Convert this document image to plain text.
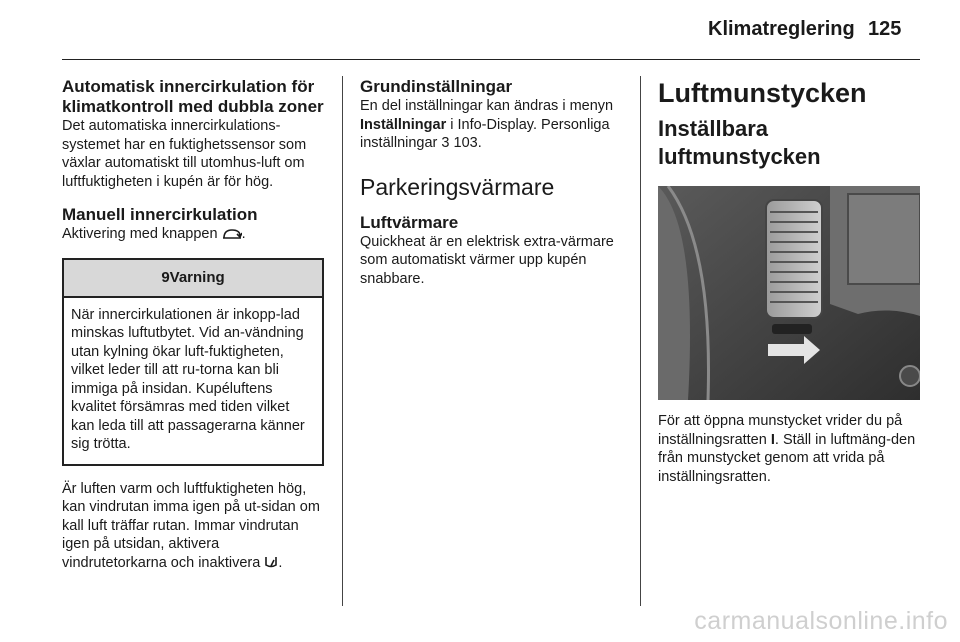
Klimatreglering 125
Automatisk innercirkulation för klimatkontroll med dubbla zoner

Det automatiska innercirkulations-systemet har en fuktighetssensor som växlar automatiskt till utomhus-luft om luftfuktigheten i kupén är för hög.

Manuell innercirkulation

Aktivering med knappen .

9 Varning
När innercirkulationen är inkopp-lad minskas luftutbytet. Vid an-vändning utan kylning ökar luft-fuktigheten, vilket leder till att ru-torna kan bli immiga på insidan. Kupéluftens kvalitet försämras med tiden vilket kan leda till att passagerarna känner sig trötta.

Är luften varm och luftfuktigheten hög, kan vindrutan imma igen på ut-sidan om kall luft träffar rutan. Immar vindrutan igen på utsidan, aktivera vindrutetorkarna och inaktivera .

Grundinställningar

En del inställningar kan ändras i menyn Inställningar i Info-Display. Personliga inställningar 3 103.

Parkeringsvärmare
Luftvärmare

Quickheat är en elektrisk extra-värmare som automatiskt värmer upp kupén snabbare.

Luftmunstycken
Inställbara luftmunstycken

För att öppna munstycket vrider du på inställningsratten I. Ställ in luftmäng-den från munstycket genom att vrida på inställningsratten.

carmanualsonline.info
